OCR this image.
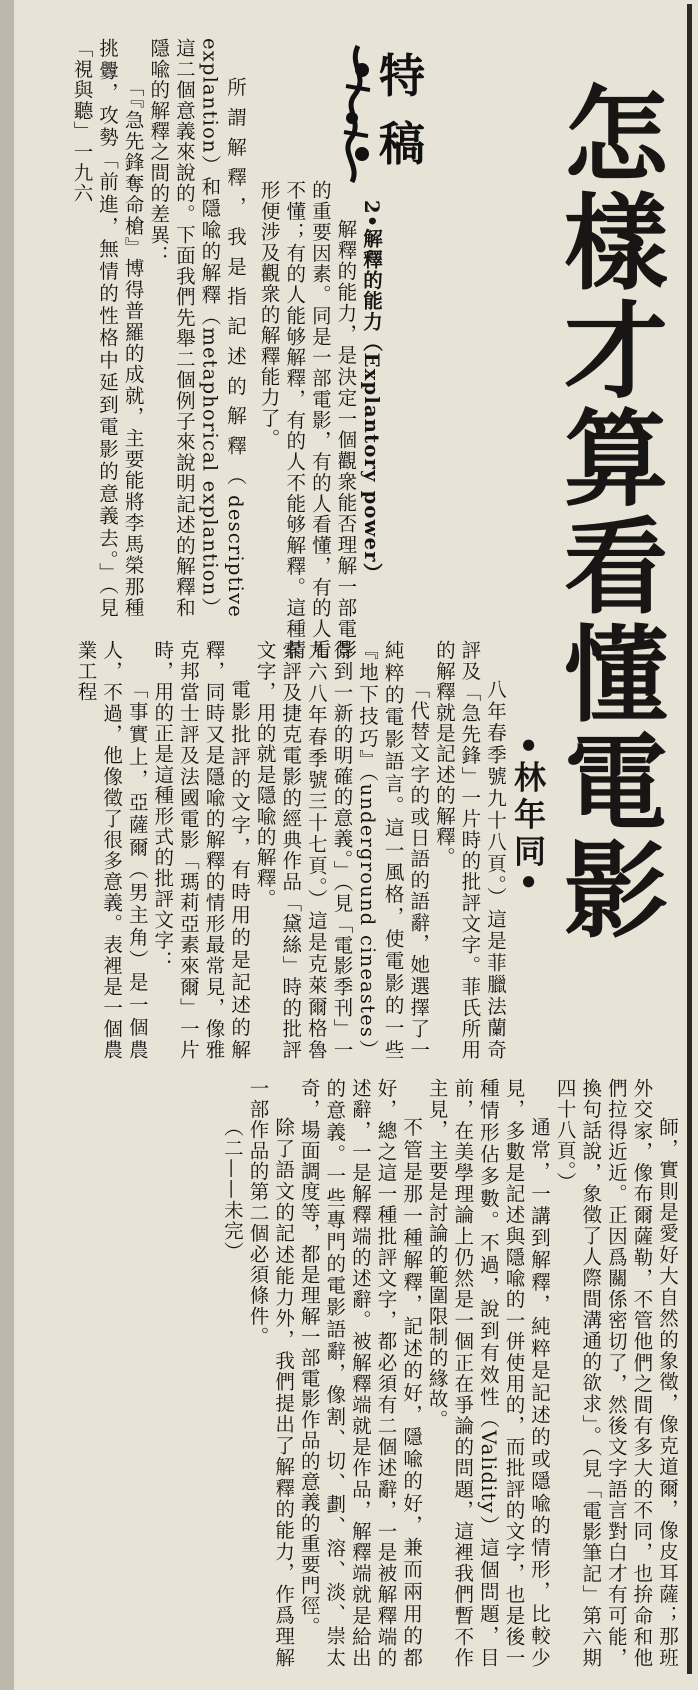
怎樣才算看懂電影
•林年同•
特
稿

2•解釋的能力（Explantory power）

解釋的能力，是決定一個觀衆能否理解一部電影的重要因素。同是一部電影，有的人看懂，有的人看不懂；有的人能够解釋，有的人不能够解釋。這種情形便涉及觀衆的解釋能力了。

所謂解釋，我是指記述的解釋（descriptive explantion）和隱喩的解釋（metaphorical explantion）這二個意義來說的。下面我們先舉二個例子來說明記述的解釋和隱喩的解釋之間的差異：

「『急先鋒奪命槍』博得普羅的成就，主要能將李馬榮那種挑釁，攻勢「前進，無情的性格中延到電影的意義去。」（見「視與聽」一九六

八年春季號九十八頁。）這是菲臘法蘭奇評及「急先鋒」一片時的批評文字。菲氏所用的解釋就是記述的解釋。

「代替文字的或日語的語辭，她選擇了一純粹的電影語言。這一風格，使電影的一些『地下技巧』（underground cineastes）得到一新的明確的意義。」（見「電影季刊」一九六八年春季號三十七頁。）這是克萊爾格魯索評及捷克電影的經典作品「黛絲」時的批評文字，用的就是隱喩的解釋。

電影批評的文字，有時用的是記述的解釋，同時又是隱喩的解釋的情形最常見，像雅克邦當士評及法國電影「瑪莉亞素來爾」一片時，用的正是這種形式的批評文字：

「事實上，亞薩爾（男主角）是一個農人，不過，他像徵了很多意義。表裡是一個農業工程

師，實則是愛好大自然的象徵，像克道爾，像皮耳薩；那班外交家，像布爾薩勒，不管他們之間有多大的不同，也拚命和他們拉得近近。正因爲關係密切了，然後文字語言對白才有可能，換句話說，象徵了人際間溝通的欲求」。（見「電影筆記」第六期四十八頁。）

通常，一講到解釋，純粹是記述的或隱喩的情形，比較少見，多數是記述與隱喩的一併使用的，而批評的文字，也是後一種情形佔多數。不過，說到有效性（Validity）這個問題，目前，在美學理論上仍然是一個正在爭論的問題，這裡我們暫不作主見，主要是討論的範圍限制的緣故。

不管是那一種解釋，記述的好，隱喩的好，兼而兩用的都好，總之這一種批評文字，都必須有二個述辭，一是被解釋端的述辭，一是解釋端的述辭。被解釋端就是作品，解釋端就是給出的意義。一些專門的電影語辭，像割、切、劃、溶、淡、崇太奇，場面調度等，都是理解一部電影作品的意義的重要門徑。

除了語文的記述能力外，我們提出了解釋的能力，作爲理解一部作品的第二個必須條件。

（二——未完）
